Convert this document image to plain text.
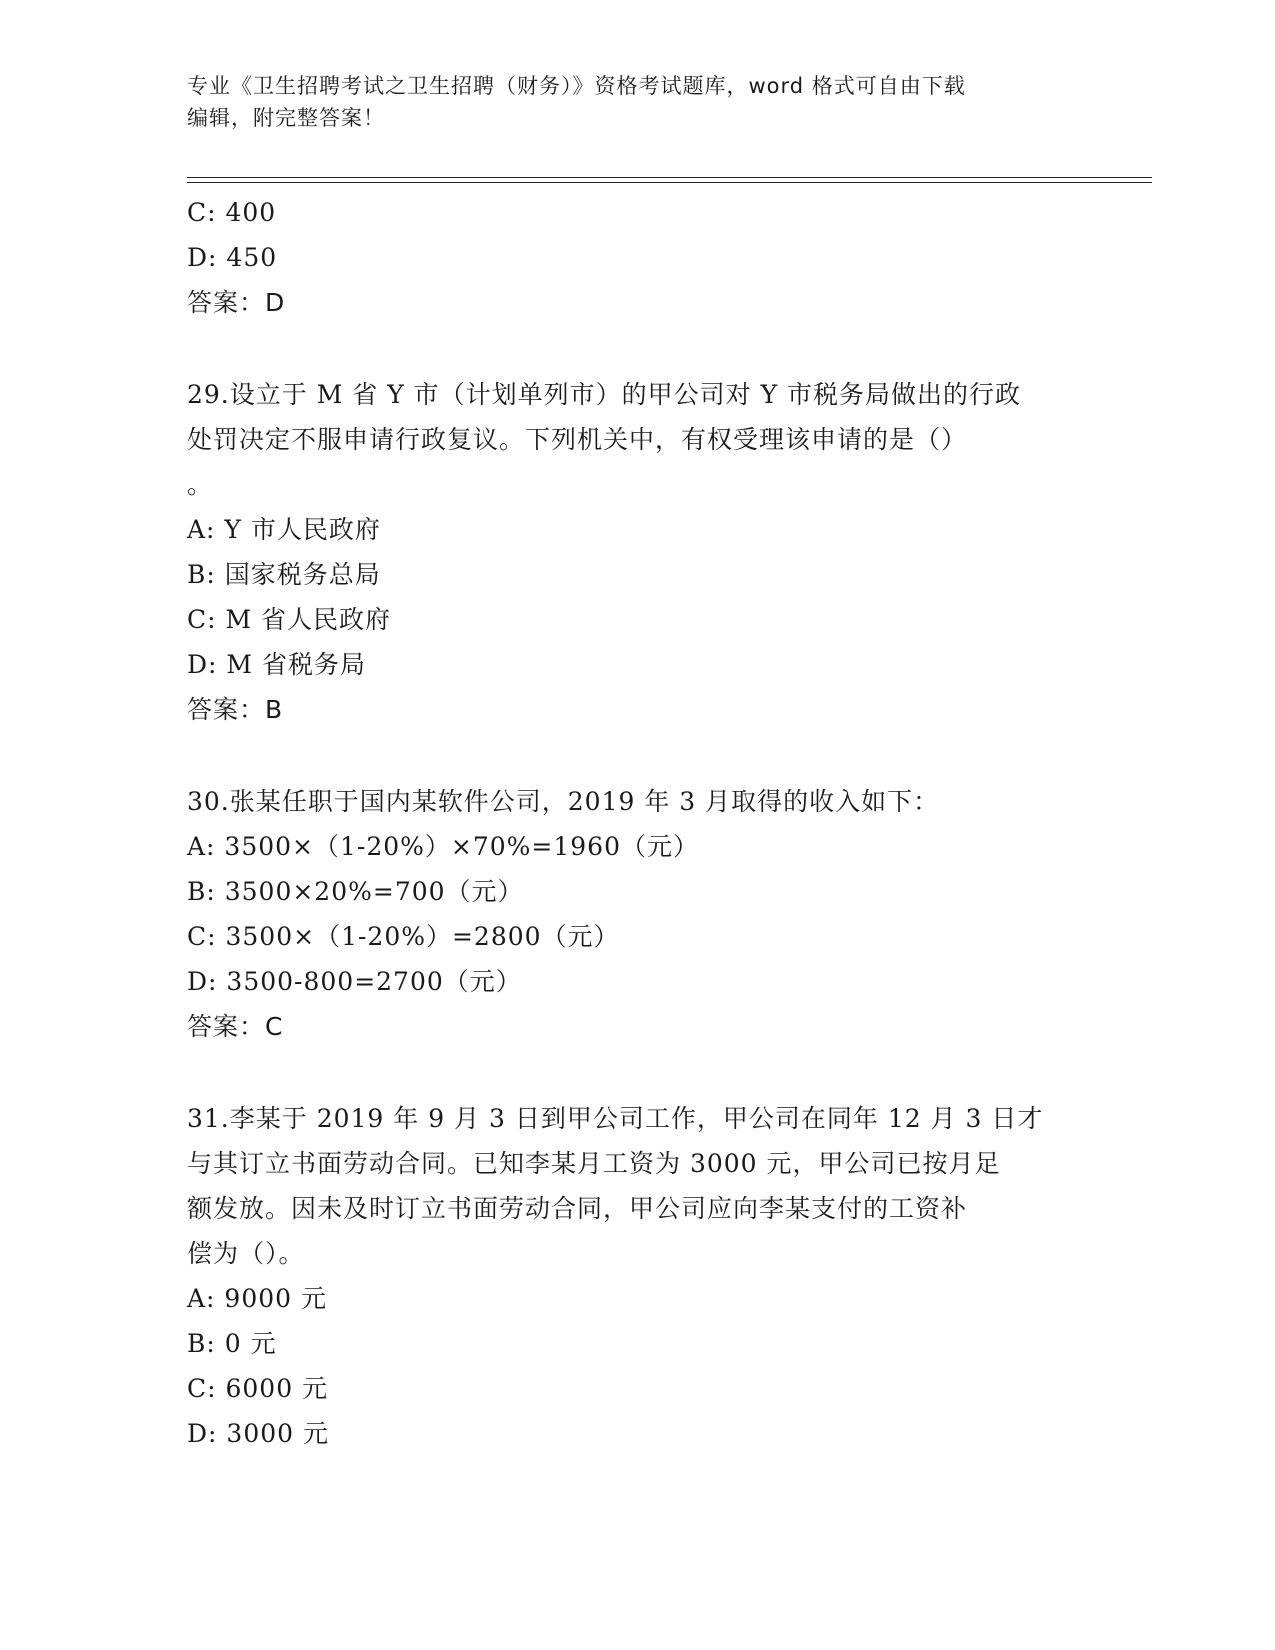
专业《卫生招聘考试之卫生招聘（财务）》资格考试题库，word 格式可自由下载
编辑，附完整答案！
C: 400
D: 450
答案：D
29.设立于 M 省 Y 市（计划单列市）的甲公司对 Y 市税务局做出的行政
处罚决定不服申请行政复议。下列机关中，有权受理该申请的是（）
。
A: Y 市人民政府
B: 国家税务总局
C: M 省人民政府
D: M 省税务局
答案：B
30.张某任职于国内某软件公司，2019 年 3 月取得的收入如下：
A: 3500×（1-20%）×70%=1960（元）
B: 3500×20%=700（元）
C: 3500×（1-20%）=2800（元）
D: 3500-800=2700（元）
答案：C
31.李某于 2019 年 9 月 3 日到甲公司工作，甲公司在同年 12 月 3 日才
与其订立书面劳动合同。已知李某月工资为 3000 元，甲公司已按月足
额发放。因未及时订立书面劳动合同，甲公司应向李某支付的工资补
偿为（）。
A: 9000 元
B: 0 元
C: 6000 元
D: 3000 元
